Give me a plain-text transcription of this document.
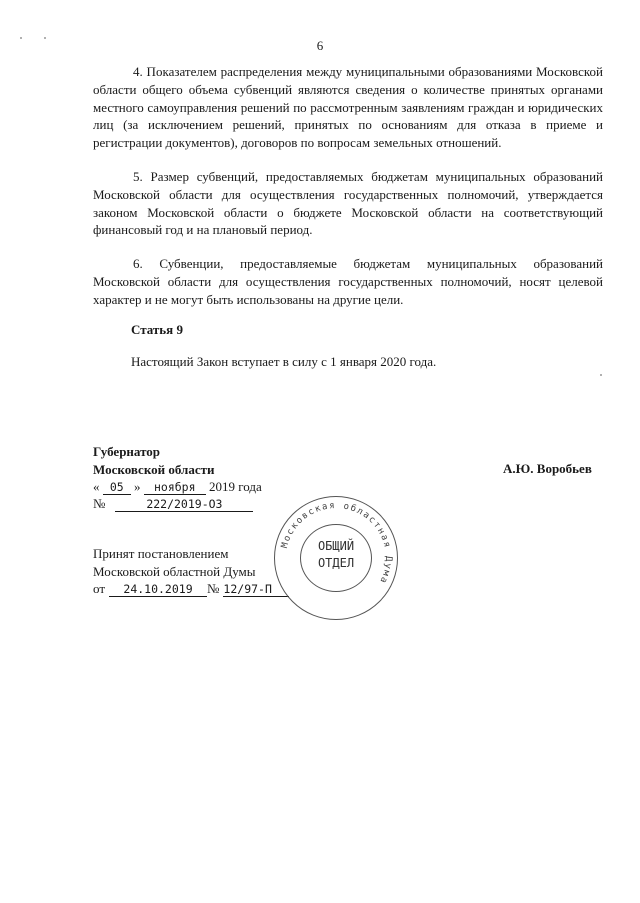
6
4. Показателем распределения между муниципальными образованиями Московской области общего объема субвенций являются сведения о количестве принятых органами местного самоуправления решений по рассмотренным заявлениям граждан и юридических лиц (за исключением решений, принятых по основаниям для отказа в приеме и регистрации документов), договоров по вопросам земельных отношений.
5. Размер субвенций, предоставляемых бюджетам муниципальных образований Московской области для осуществления государственных полномочий, утверждается законом Московской области о бюджете Московской области на соответствующий финансовый год и на плановый период.
6. Субвенции, предоставляемые бюджетам муниципальных образований Московской области для осуществления государственных полномочий, носят целевой характер и не могут быть использованы на другие цели.
Статья 9
Настоящий Закон вступает в силу с 1 января 2020 года.
Губернатор
Московской области	А.Ю. Воробьев
« 05 » ноября 2019 года
№	222/2019-ОЗ
Принят постановлением
Московской областной Думы
от 24.10.2019 № 12/97-П
Московская областная Дума
ОБЩИЙ
ОТДЕЛ
